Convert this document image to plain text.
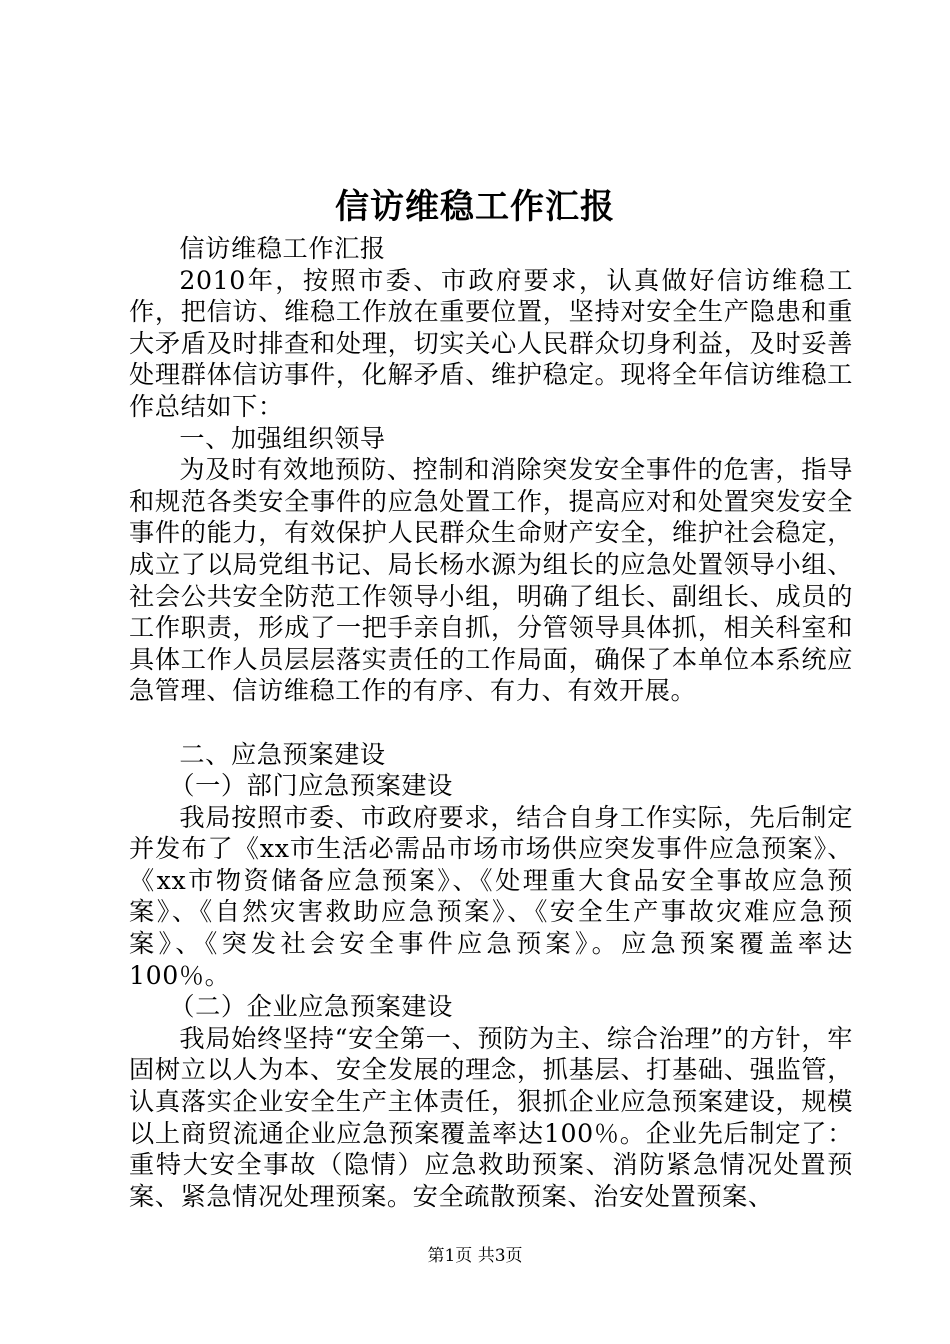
信访维稳工作汇报

信访维稳工作汇报

2010年，按照市委、市政府要求，认真做好信访维稳工作，把信访、维稳工作放在重要位置，坚持对安全生产隐患和重大矛盾及时排查和处理，切实关心人民群众切身利益，及时妥善处理群体信访事件，化解矛盾、维护稳定。现将全年信访维稳工作总结如下：

一、加强组织领导

为及时有效地预防、控制和消除突发安全事件的危害，指导和规范各类安全事件的应急处置工作，提高应对和处置突发安全事件的能力，有效保护人民群众生命财产安全，维护社会稳定，成立了以局党组书记、局长杨水源为组长的应急处置领导小组、社会公共安全防范工作领导小组，明确了组长、副组长、成员的工作职责，形成了一把手亲自抓，分管领导具体抓，相关科室和具体工作人员层层落实责任的工作局面，确保了本单位本系统应急管理、信访维稳工作的有序、有力、有效开展。

二、应急预案建设

（一）部门应急预案建设

我局按照市委、市政府要求，结合自身工作实际，先后制定并发布了《xx市生活必需品市场市场供应突发事件应急预案》、《xx市物资储备应急预案》、《处理重大食品安全事故应急预案》、《自然灾害救助应急预案》、《安全生产事故灾难应急预案》、《突发社会安全事件应急预案》。应急预案覆盖率达100％。

（二）企业应急预案建设

我局始终坚持“安全第一、预防为主、综合治理”的方针，牢固树立以人为本、安全发展的理念，抓基层、打基础、强监管，认真落实企业安全生产主体责任，狠抓企业应急预案建设，规模以上商贸流通企业应急预案覆盖率达100％。企业先后制定了：重特大安全事故（隐情）应急救助预案、消防紧急情况处置预案、紧急情况处理预案。安全疏散预案、治安处置预案、

第1页 共3页
